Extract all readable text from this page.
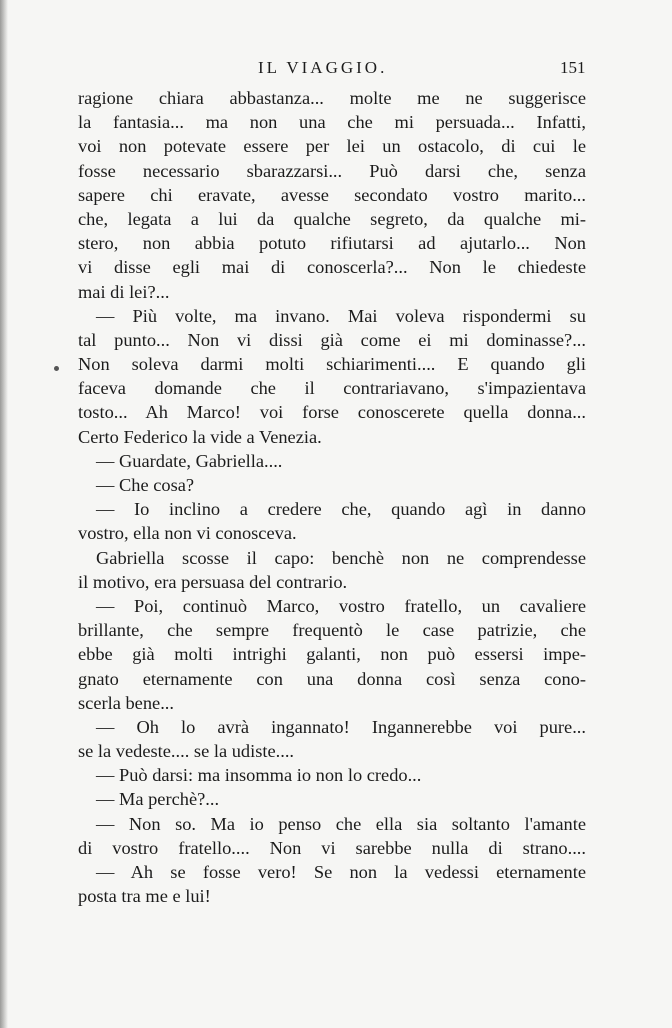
IL VIAGGIO.	151
ragione chiara abbastanza... molte me ne suggerisce
la fantasia... ma non una che mi persuada... Infatti,
voi non potevate essere per lei un ostacolo, di cui le
fosse necessario sbarazzarsi... Può darsi che, senza
sapere chi eravate, avesse secondato vostro marito...
che, legata a lui da qualche segreto, da qualche mi-
stero, non abbia potuto rifiutarsi ad ajutarlo... Non
vi disse egli mai di conoscerla?... Non le chiedeste
mai di lei?...
— Più volte, ma invano. Mai voleva rispondermi su
tal punto... Non vi dissi già come ei mi dominasse?...
Non soleva darmi molti schiarimenti.... E quando gli
faceva domande che il contrariavano, s'impazientava
tosto... Ah Marco! voi forse conoscerete quella donna...
Certo Federico la vide a Venezia.
— Guardate, Gabriella....
— Che cosa?
— Io inclino a credere che, quando agì in danno
vostro, ella non vi conosceva.
Gabriella scosse il capo: benchè non ne comprendesse
il motivo, era persuasa del contrario.
— Poi, continuò Marco, vostro fratello, un cavaliere
brillante, che sempre frequentò le case patrizie, che
ebbe già molti intrighi galanti, non può essersi impe-
gnato eternamente con una donna così senza cono-
scerla bene...
— Oh lo avrà ingannato! Ingannerebbe voi pure...
se la vedeste.... se la udiste....
— Può darsi: ma insomma io non lo credo...
— Ma perchè?...
— Non so. Ma io penso che ella sia soltanto l'amante
di vostro fratello.... Non vi sarebbe nulla di strano....
— Ah se fosse vero! Se non la vedessi eternamente
posta tra me e lui!
